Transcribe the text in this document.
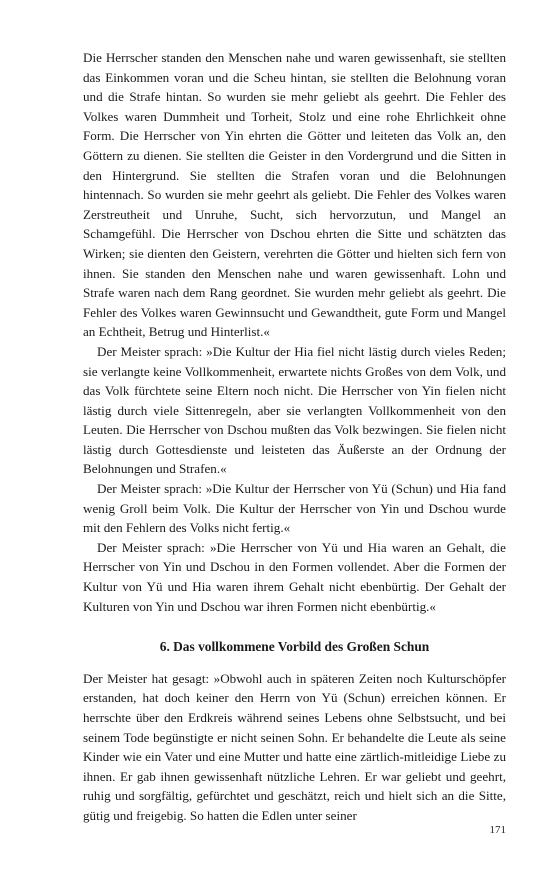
Die Herrscher standen den Menschen nahe und waren gewissenhaft, sie stellten das Einkommen voran und die Scheu hintan, sie stellten die Belohnung voran und die Strafe hintan. So wurden sie mehr geliebt als geehrt. Die Fehler des Volkes waren Dummheit und Torheit, Stolz und eine rohe Ehrlichkeit ohne Form. Die Herrscher von Yin ehrten die Götter und leiteten das Volk an, den Göttern zu dienen. Sie stellten die Geister in den Vordergrund und die Sitten in den Hintergrund. Sie stellten die Strafen voran und die Belohnungen hintennach. So wurden sie mehr geehrt als geliebt. Die Fehler des Volkes waren Zerstreutheit und Unruhe, Sucht, sich hervorzutun, und Mangel an Schamgefühl. Die Herrscher von Dschou ehrten die Sitte und schätzten das Wirken; sie dienten den Geistern, verehrten die Götter und hielten sich fern von ihnen. Sie standen den Menschen nahe und waren gewissenhaft. Lohn und Strafe waren nach dem Rang geordnet. Sie wurden mehr geliebt als geehrt. Die Fehler des Volkes waren Gewinnsucht und Gewandtheit, gute Form und Mangel an Echtheit, Betrug und Hinterlist.«

Der Meister sprach: »Die Kultur der Hia fiel nicht lästig durch vieles Reden; sie verlangte keine Vollkommenheit, erwartete nichts Großes von dem Volk, und das Volk fürchtete seine Eltern noch nicht. Die Herrscher von Yin fielen nicht lästig durch viele Sittenregeln, aber sie verlangten Vollkommenheit von den Leuten. Die Herrscher von Dschou mußten das Volk bezwingen. Sie fielen nicht lästig durch Gottesdienste und leisteten das Äußerste an der Ordnung der Belohnungen und Strafen.«

Der Meister sprach: »Die Kultur der Herrscher von Yü (Schun) und Hia fand wenig Groll beim Volk. Die Kultur der Herrscher von Yin und Dschou wurde mit den Fehlern des Volks nicht fertig.«

Der Meister sprach: »Die Herrscher von Yü und Hia waren an Gehalt, die Herrscher von Yin und Dschou in den Formen vollendet. Aber die Formen der Kultur von Yü und Hia waren ihrem Gehalt nicht ebenbürtig. Der Gehalt der Kulturen von Yin und Dschou war ihren Formen nicht ebenbürtig.«

6. Das vollkommene Vorbild des Großen Schun

Der Meister hat gesagt: »Obwohl auch in späteren Zeiten noch Kulturschöpfer erstanden, hat doch keiner den Herrn von Yü (Schun) erreichen können. Er herrschte über den Erdkreis während seines Lebens ohne Selbstsucht, und bei seinem Tode begünstigte er nicht seinen Sohn. Er behandelte die Leute als seine Kinder wie ein Vater und eine Mutter und hatte eine zärtlich-mitleidige Liebe zu ihnen. Er gab ihnen gewissenhaft nützliche Lehren. Er war geliebt und geehrt, ruhig und sorgfältig, gefürchtet und geschätzt, reich und hielt sich an die Sitte, gütig und freigebig. So hatten die Edlen unter seiner

171
